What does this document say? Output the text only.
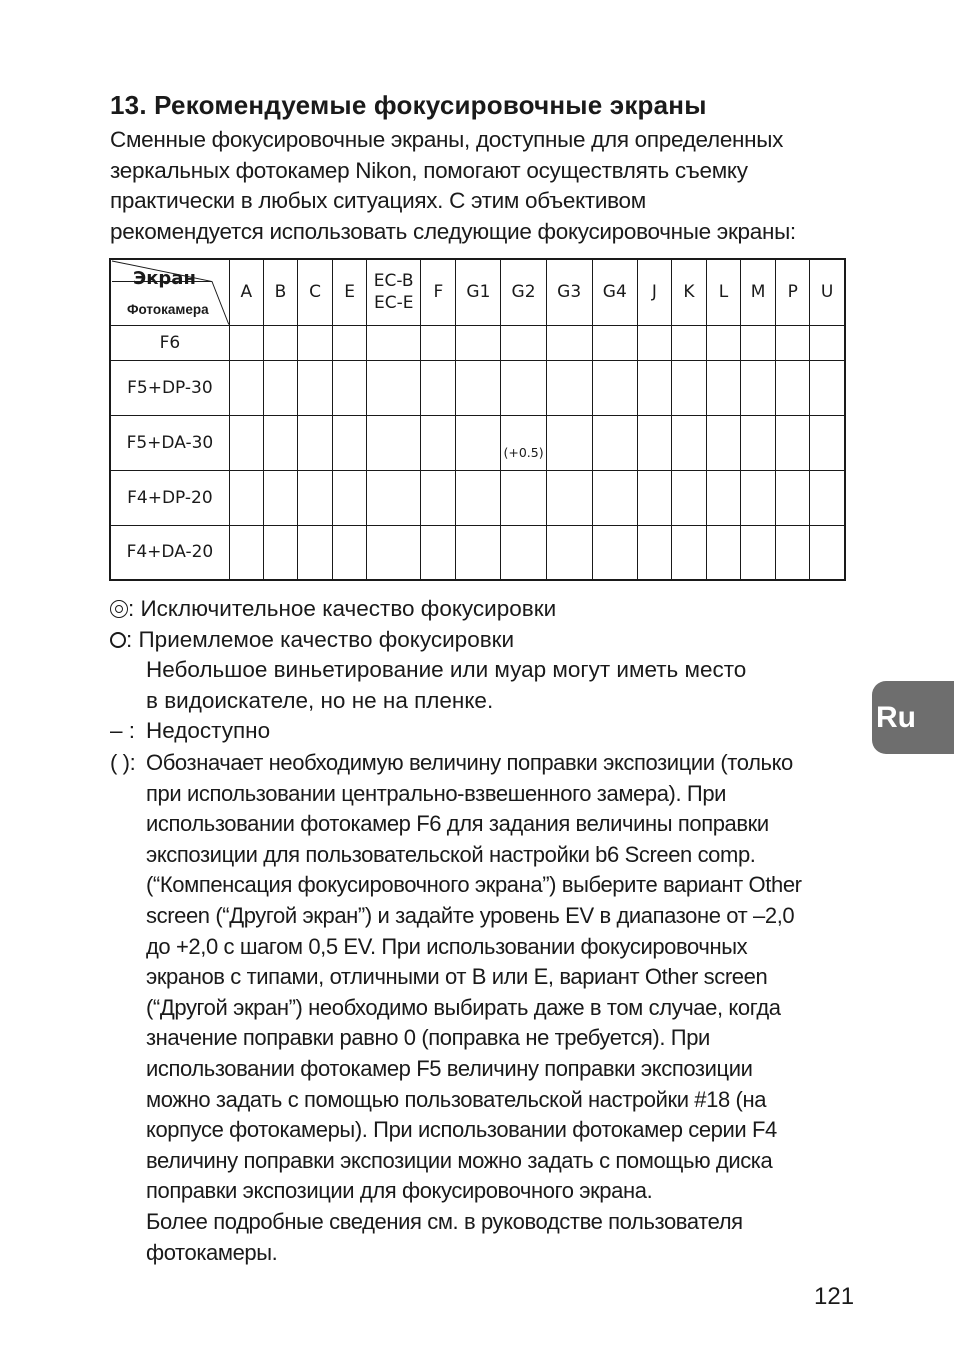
13. Рекомендуемые фокусировочные экраны
Сменные фокусировочные экраны, доступные для определенных
зеркальных фотокамер Nikon, помогают осуществлять съемку
практически в любых ситуациях. С этим объективом
рекомендуется использовать следующие фокусировочные экраны:
Экран
Фотокамера	A	B	C	E	EC-B
EC-E	F	G1	G2	G3	G4	J	K	L	M	P	U
F6																
F5+DP-30																
F5+DA-30								(+0.5)								
F4+DP-20																
F4+DA-20																
: Исключительное качество фокусировки
: Приемлемое качество фокусировки
Небольшое виньетирование или муар могут иметь место
в видоискателе, но не на пленке.
– : Недоступно
( ): Обозначает необходимую величину поправки экспозиции (только
при использовании центрально-взвешенного замера). При
использовании фотокамер F6 для задания величины поправки
экспозиции для пользовательской настройки b6 Screen comp.
(“Компенсация фокусировочного экрана”) выберите вариант Other
screen (“Другой экран”) и задайте уровень EV в диапазоне от –2,0
до +2,0 с шагом 0,5 EV. При использовании фокусировочных
экранов с типами, отличными от B или E, вариант Other screen
(“Другой экран”) необходимо выбирать даже в том случае, когда
значение поправки равно 0 (поправка не требуется). При
использовании фотокамер F5 величину поправки экспозиции
можно задать с помощью пользовательской настройки #18 (на
корпусе фотокамеры). При использовании фотокамер серии F4
величину поправки экспозиции можно задать с помощью диска
поправки экспозиции для фокусировочного экрана.
Более подробные сведения см. в руководстве пользователя
фотокамеры.
Ru
121
